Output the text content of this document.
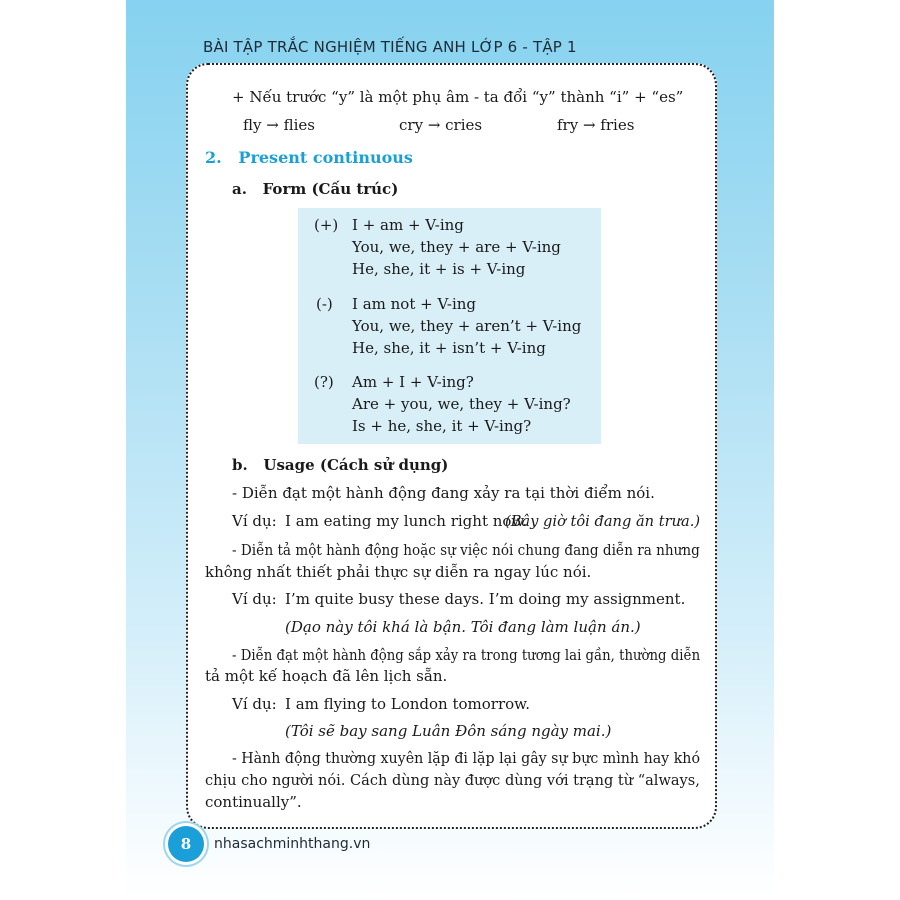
BÀI TẬP TRẮC NGHIỆM TIẾNG ANH LỚP 6 - TẬP 1
+ Nếu trước “y” là một phụ âm - ta đổi “y” thành “i” + “es”
fly → flies	cry → cries	fry → fries
2.   Present continuous
a.   Form (Cấu trúc)
(+) I + am + V-ing
You, we, they + are + V-ing
He, she, it + is + V-ing
(-) I am not + V-ing
You, we, they + aren’t + V-ing
He, she, it + isn’t + V-ing
(?) Am + I + V-ing?
Are + you, we, they + V-ing?
Is + he, she, it + V-ing?
b.   Usage (Cách sử dụng)
- Diễn đạt một hành động đang xảy ra tại thời điểm nói.
Ví dụ: I am eating my lunch right now.
(Bây giờ tôi đang ăn trưa.)
- Diễn tả một hành động hoặc sự việc nói chung đang diễn ra nhưng
không nhất thiết phải thực sự diễn ra ngay lúc nói.
Ví dụ: I’m quite busy these days. I’m doing my assignment.
(Dạo này tôi khá là bận. Tôi đang làm luận án.)
- Diễn đạt một hành động sắp xảy ra trong tương lai gần, thường diễn
tả một kế hoạch đã lên lịch sẵn.
Ví dụ: I am flying to London tomorrow.
(Tôi sẽ bay sang Luân Đôn sáng ngày mai.)
- Hành động thường xuyên lặp đi lặp lại gây sự bực mình hay khó
chịu cho người nói. Cách dùng này được dùng với trạng từ “always,
continually”.
8	nhasachminhthang.vn
